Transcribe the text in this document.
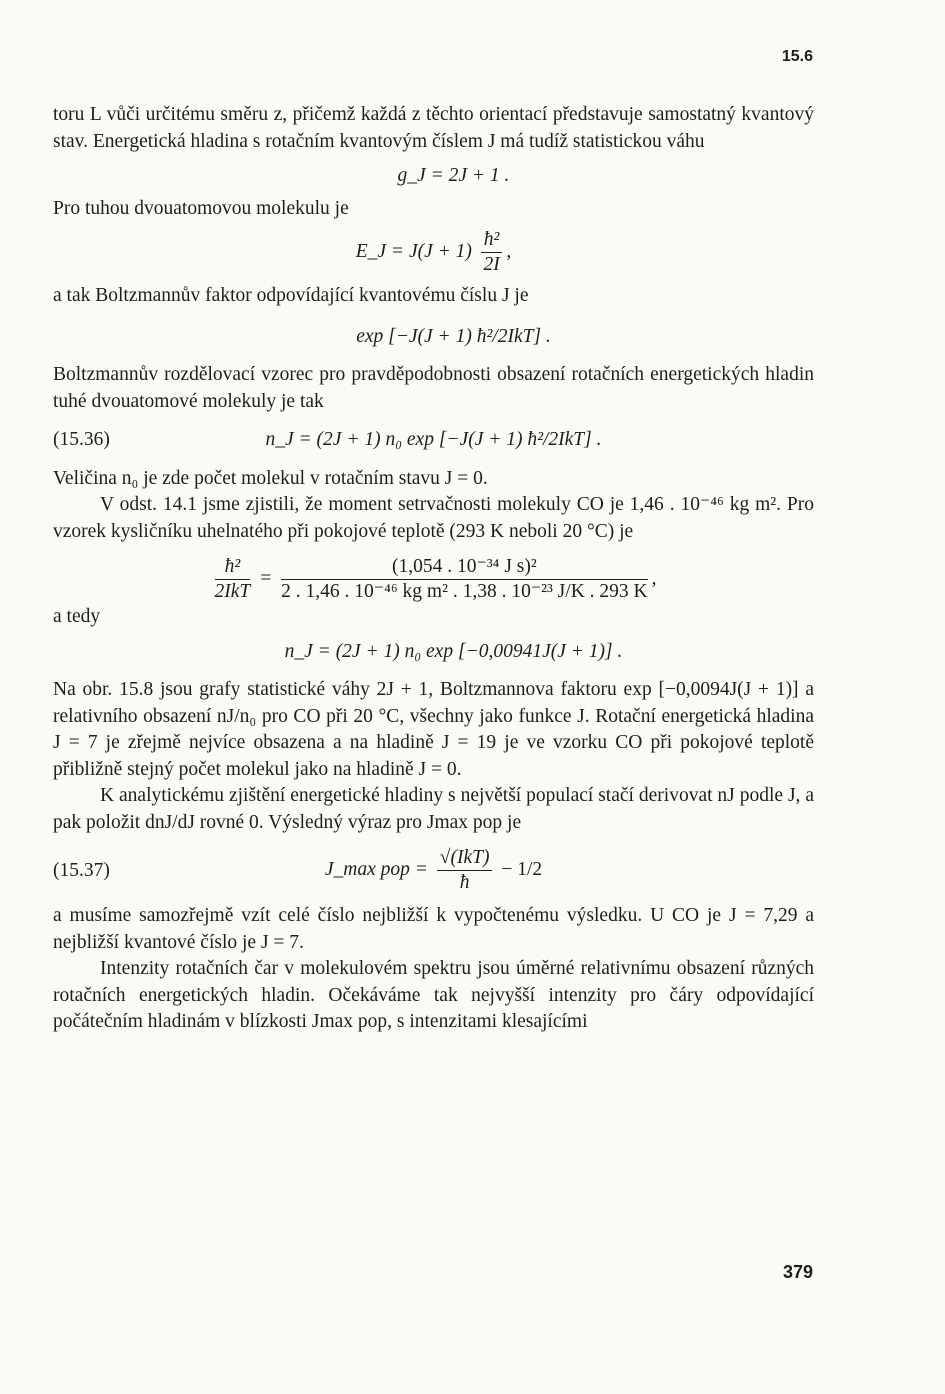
15.6

toru L vůči určitému směru z, přičemž každá z těchto orientací představuje samostatný kvantový stav. Energetická hladina s rotačním kvantovým číslem J má tudíž statistickou váhu

g_J = 2J + 1 .

Pro tuhou dvouatomovou molekulu je

E_J = $J(J + 1) \frac{\text{ħ²}}{2I}$ ,

a tak Boltzmannův faktor odpovídající kvantovému číslu J je

exp [−J(J + 1) ħ²/2IkT] .

Boltzmannův rozdělovací vzorec pro pravděpodobnosti obsazení rotačních energetických hladin tuhé dvouatomové molekuly je tak

(15.36)	n_J = (2J + 1) n₀ exp [−J(J + 1) ħ²/2IkT] .

Veličina n₀ je zde počet molekul v rotačním stavu J = 0.

V odst. 14.1 jsme zjistili, že moment setrvačnosti molekuly CO je 1,46 . 10⁻⁴⁶ kg m². Pro vzorek kysličníku uhelnatého při pokojové teplotě (293 K neboli 20 °C) je

$\frac{\text{ħ²}}{\text{2IkT}} = \frac{\text{(1,054 . 10⁻³⁴ J s)²}}{\text{2 . 1,46 . 10⁻⁴⁶ kg m² . 1,38 . 10⁻²³ J/K . 293 K}}$ ,

a tedy

n_J = (2J + 1) n₀ exp [−0,00941J(J + 1)] .

Na obr. 15.8 jsou grafy statistické váhy 2J + 1, Boltzmannova faktoru exp [−0,0094J(J + 1)] a relativního obsazení nJ/n₀ pro CO při 20 °C, všechny jako funkce J. Rotační energetická hladina J = 7 je zřejmě nejvíce obsazena a na hladině J = 19 je ve vzorku CO při pokojové teplotě přibližně stejný počet molekul jako na hladině J = 0.

K analytickému zjištění energetické hladiny s největší populací stačí derivovat nJ podle J, a pak položit dnJ/dJ rovné 0. Výsledný výraz pro Jmax pop je

(15.37)	J_max pop = $\frac{\text{√(IkT)}}{ħ} - 1/2$

a musíme samozřejmě vzít celé číslo nejbližší k vypočtenému výsledku. U CO je J = 7,29 a nejbližší kvantové číslo je J = 7.

Intenzity rotačních čar v molekulovém spektru jsou úměrné relativnímu obsazení různých rotačních energetických hladin. Očekáváme tak nejvyšší intenzity pro čáry odpovídající počátečním hladinám v blízkosti Jmax pop, s intenzitami klesajícími

379
